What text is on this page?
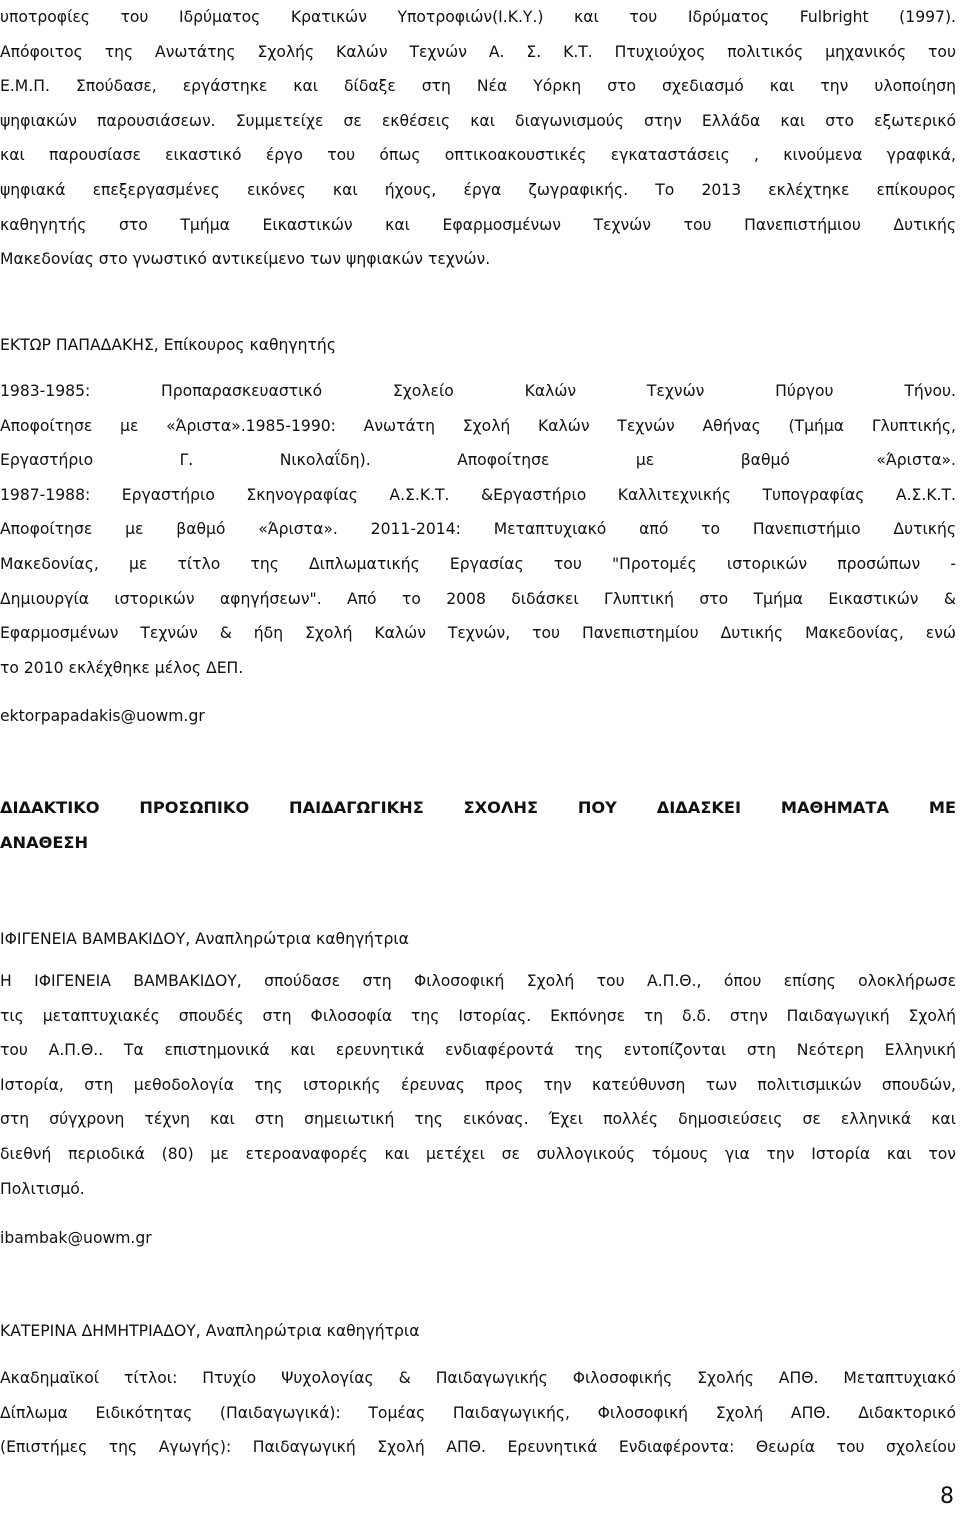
υποτροφίες του Ιδρύματος Κρατικών Υποτροφιών(Ι.Κ.Υ.) και του Ιδρύματος Fulbright (1997).
Απόφοιτος της Ανωτάτης Σχολής Καλών Τεχνών Α. Σ. Κ.Τ. Πτυχιούχος πολιτικός μηχανικός του
Ε.Μ.Π. Σπούδασε, εργάστηκε και δίδαξε στη Νέα Υόρκη στο σχεδιασμό και την υλοποίηση
ψηφιακών παρουσιάσεων. Συμμετείχε σε εκθέσεις και διαγωνισμούς στην Ελλάδα και στο εξωτερικό
και παρουσίασε εικαστικό έργο του όπως οπτικοακουστικές εγκαταστάσεις , κινούμενα γραφικά,
ψηφιακά επεξεργασμένες εικόνες και ήχους, έργα ζωγραφικής. Το 2013 εκλέχτηκε επίκουρος
καθηγητής στο Τμήμα Εικαστικών και Εφαρμοσμένων Τεχνών του Πανεπιστήμιου Δυτικής
Μακεδονίας στο γνωστικό αντικείμενο των ψηφιακών τεχνών.
ΕΚΤΩΡ ΠΑΠΑΔΑΚΗΣ, Επίκουρος καθηγητής
1983-1985: Προπαρασκευαστικό Σχολείο Καλών Τεχνών Πύργου Τήνου.
Αποφοίτησε με «Άριστα».1985-1990: Ανωτάτη Σχολή Καλών Τεχνών Αθήνας (Τμήμα Γλυπτικής,
Εργαστήριο Γ. Νικολαΐδη). Αποφοίτησε με βαθμό «Άριστα».
1987-1988: Εργαστήριο Σκηνογραφίας Α.Σ.Κ.Τ. &Εργαστήριο Καλλιτεχνικής Τυπογραφίας Α.Σ.Κ.Τ.
Αποφοίτησε με βαθμό «Άριστα». 2011-2014: Μεταπτυχιακό από το Πανεπιστήμιο Δυτικής
Μακεδονίας, με τίτλο της Διπλωματικής Εργασίας του "Προτομές ιστορικών προσώπων -
Δημιουργία ιστορικών αφηγήσεων". Από το 2008 διδάσκει Γλυπτική στο Τμήμα Εικαστικών &
Εφαρμοσμένων Τεχνών & ήδη Σχολή Καλών Τεχνών, του Πανεπιστημίου Δυτικής Μακεδονίας, ενώ
το 2010 εκλέχθηκε μέλος ΔΕΠ.
ektorpapadakis@uowm.gr
ΔΙΔΑΚΤΙΚΟ ΠΡΟΣΩΠΙΚΟ ΠΑΙΔΑΓΩΓΙΚΗΣ ΣΧΟΛΗΣ ΠΟΥ ΔΙΔΑΣΚΕΙ ΜΑΘΗΜΑΤΑ ΜΕ
ΑΝΑΘΕΣΗ
ΙΦΙΓΕΝΕΙΑ ΒΑΜΒΑΚΙΔΟΥ, Αναπληρώτρια καθηγήτρια
Η ΙΦΙΓΕΝΕΙΑ ΒΑΜΒΑΚΙΔΟΥ, σπούδασε στη Φιλοσοφική Σχολή του Α.Π.Θ., όπου επίσης ολοκλήρωσε
τις μεταπτυχιακές σπουδές στη Φιλοσοφία της Ιστορίας. Εκπόνησε τη δ.δ. στην Παιδαγωγική Σχολή
του Α.Π.Θ.. Τα επιστημονικά και ερευνητικά ενδιαφέροντά της εντοπίζονται στη Νεότερη Ελληνική
Ιστορία, στη μεθοδολογία της ιστορικής έρευνας προς την κατεύθυνση των πολιτισμικών σπουδών,
στη σύγχρονη τέχνη και στη σημειωτική της εικόνας. Έχει πολλές δημοσιεύσεις σε ελληνικά και
διεθνή περιοδικά (80) με ετεροαναφορές και μετέχει σε συλλογικούς τόμους για την Ιστορία και τον
Πολιτισμό.
ibambak@uowm.gr
ΚΑΤΕΡΙΝΑ ΔΗΜΗΤΡΙΑΔΟΥ, Αναπληρώτρια καθηγήτρια
Ακαδημαϊκοί τίτλοι: Πτυχίο Ψυχολογίας & Παιδαγωγικής Φιλοσοφικής Σχολής ΑΠΘ. Μεταπτυχιακό
Δίπλωμα Ειδικότητας (Παιδαγωγικά): Τομέας Παιδαγωγικής, Φιλοσοφική Σχολή ΑΠΘ. Διδακτορικό
(Επιστήμες της Αγωγής): Παιδαγωγική Σχολή ΑΠΘ. Ερευνητικά Ενδιαφέροντα: Θεωρία του σχολείου
8
